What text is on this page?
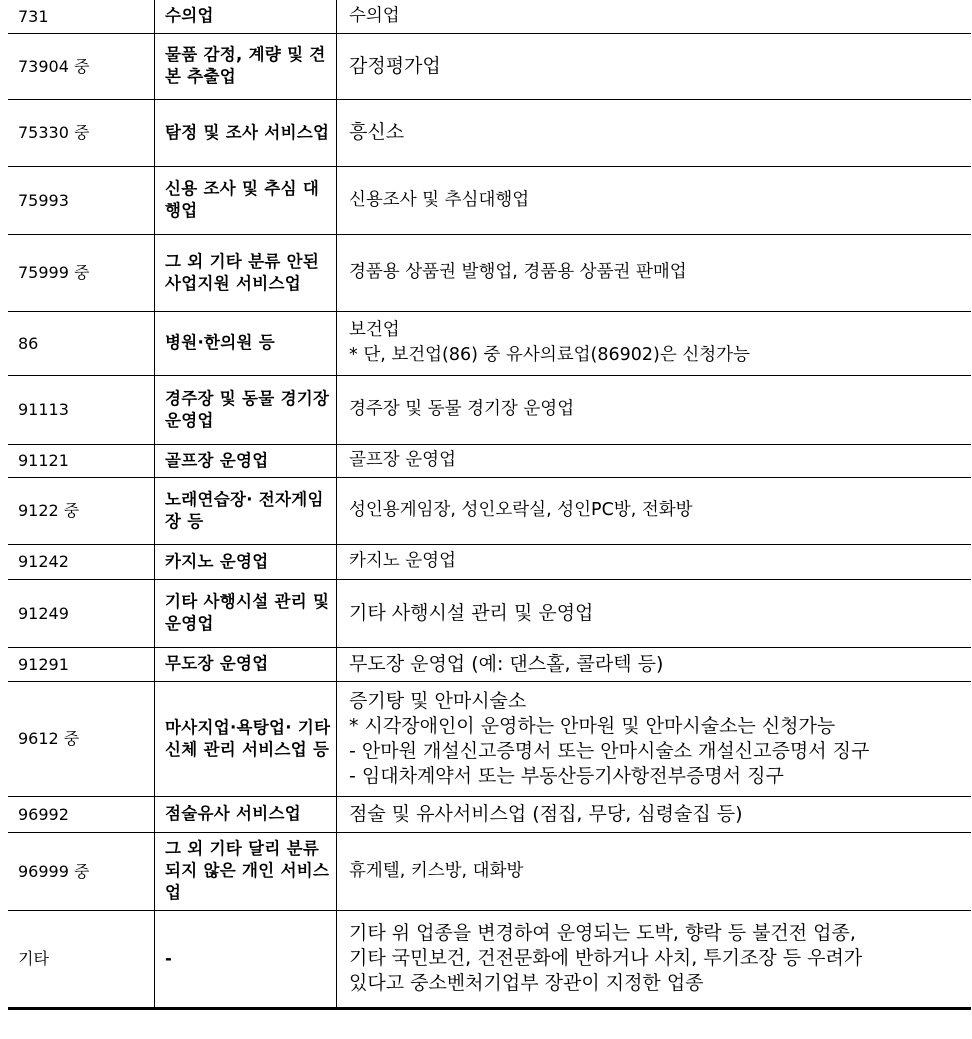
731	수의업	수의업

73904 중	물품 감정, 계량 및 견본 추출업	감정평가업

75330 중	탐정 및 조사 서비스업	흥신소

75993	신용 조사 및 추심 대행업	신용조사 및 추심대행업

75999 중	그 외 기타 분류 안된 사업지원 서비스업	경품용 상품권 발행업, 경품용 상품권 판매업

86	병원·한의원 등	보건업
* 단, 보건업(86) 중 유사의료업(86902)은 신청가능

91113	경주장 및 동물 경기장 운영업	경주장 및 동물 경기장 운영업

91121	골프장 운영업	골프장 운영업

9122 중	노래연습장· 전자게임장 등	성인용게임장, 성인오락실, 성인PC방, 전화방

91242	카지노 운영업	카지노 운영업

91249	기타 사행시설 관리 및 운영업	기타 사행시설 관리 및 운영업

91291	무도장 운영업	무도장 운영업 (예: 댄스홀, 콜라텍 등)

9612 중	마사지업·욕탕업· 기타 신체 관리 서비스업 등	증기탕 및 안마시술소
* 시각장애인이 운영하는 안마원 및 안마시술소는 신청가능
- 안마원 개설신고증명서 또는 안마시술소 개설신고증명서 징구
- 임대차계약서 또는 부동산등기사항전부증명서 징구

96992	점술유사 서비스업	점술 및 유사서비스업 (점집, 무당, 심령술집 등)

96999 중	그 외 기타 달리 분류되지 않은 개인 서비스업	휴게텔, 키스방, 대화방

기타	-	기타 위 업종을 변경하여 운영되는 도박, 향락 등 불건전 업종,
기타 국민보건, 건전문화에 반하거나 사치, 투기조장 등 우려가
있다고 중소벤처기업부 장관이 지정한 업종
